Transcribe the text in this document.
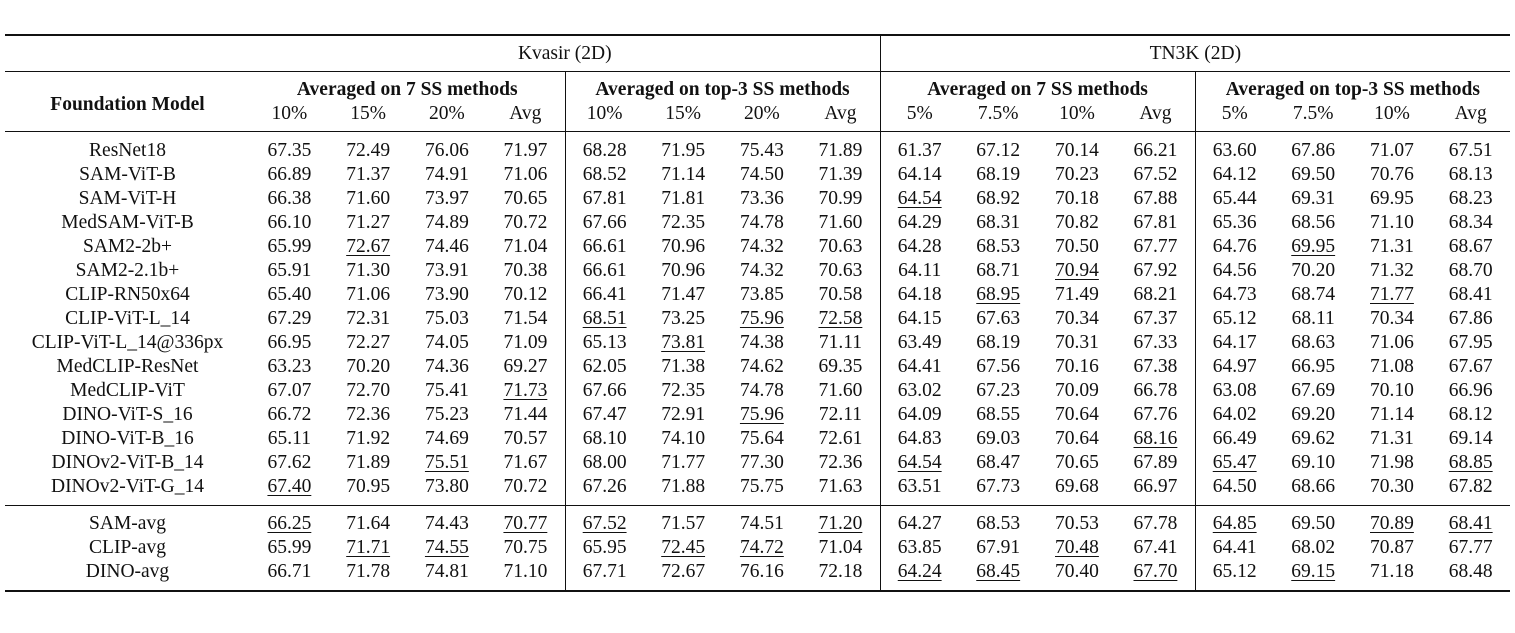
	Kvasir (2D)								TN3K (2D)							
Foundation Model	Averaged on 7 SS methods				Averaged on top-3 SS methods				Averaged on 7 SS methods				Averaged on top-3 SS methods			
	10%	15%	20%	Avg	10%	15%	20%	Avg	5%	7.5%	10%	Avg	5%	7.5%	10%	Avg
ResNet18	67.35	72.49	76.06	71.97	68.28	71.95	75.43	71.89	61.37	67.12	70.14	66.21	63.60	67.86	71.07	67.51
SAM-ViT-B	66.89	71.37	74.91	71.06	68.52	71.14	74.50	71.39	64.14	68.19	70.23	67.52	64.12	69.50	70.76	68.13
SAM-ViT-H	66.38	71.60	73.97	70.65	67.81	71.81	73.36	70.99	64.54	68.92	70.18	67.88	65.44	69.31	69.95	68.23
MedSAM-ViT-B	66.10	71.27	74.89	70.72	67.66	72.35	74.78	71.60	64.29	68.31	70.82	67.81	65.36	68.56	71.10	68.34
SAM2-2b+	65.99	72.67	74.46	71.04	66.61	70.96	74.32	70.63	64.28	68.53	70.50	67.77	64.76	69.95	71.31	68.67
SAM2-2.1b+	65.91	71.30	73.91	70.38	66.61	70.96	74.32	70.63	64.11	68.71	70.94	67.92	64.56	70.20	71.32	68.70
CLIP-RN50x64	65.40	71.06	73.90	70.12	66.41	71.47	73.85	70.58	64.18	68.95	71.49	68.21	64.73	68.74	71.77	68.41
CLIP-ViT-L_14	67.29	72.31	75.03	71.54	68.51	73.25	75.96	72.58	64.15	67.63	70.34	67.37	65.12	68.11	70.34	67.86
CLIP-ViT-L_14@336px	66.95	72.27	74.05	71.09	65.13	73.81	74.38	71.11	63.49	68.19	70.31	67.33	64.17	68.63	71.06	67.95
MedCLIP-ResNet	63.23	70.20	74.36	69.27	62.05	71.38	74.62	69.35	64.41	67.56	70.16	67.38	64.97	66.95	71.08	67.67
MedCLIP-ViT	67.07	72.70	75.41	71.73	67.66	72.35	74.78	71.60	63.02	67.23	70.09	66.78	63.08	67.69	70.10	66.96
DINO-ViT-S_16	66.72	72.36	75.23	71.44	67.47	72.91	75.96	72.11	64.09	68.55	70.64	67.76	64.02	69.20	71.14	68.12
DINO-ViT-B_16	65.11	71.92	74.69	70.57	68.10	74.10	75.64	72.61	64.83	69.03	70.64	68.16	66.49	69.62	71.31	69.14
DINOv2-ViT-B_14	67.62	71.89	75.51	71.67	68.00	71.77	77.30	72.36	64.54	68.47	70.65	67.89	65.47	69.10	71.98	68.85
DINOv2-ViT-G_14	67.40	70.95	73.80	70.72	67.26	71.88	75.75	71.63	63.51	67.73	69.68	66.97	64.50	68.66	70.30	67.82
SAM-avg	66.25	71.64	74.43	70.77	67.52	71.57	74.51	71.20	64.27	68.53	70.53	67.78	64.85	69.50	70.89	68.41
CLIP-avg	65.99	71.71	74.55	70.75	65.95	72.45	74.72	71.04	63.85	67.91	70.48	67.41	64.41	68.02	70.87	67.77
DINO-avg	66.71	71.78	74.81	71.10	67.71	72.67	76.16	72.18	64.24	68.45	70.40	67.70	65.12	69.15	71.18	68.48
